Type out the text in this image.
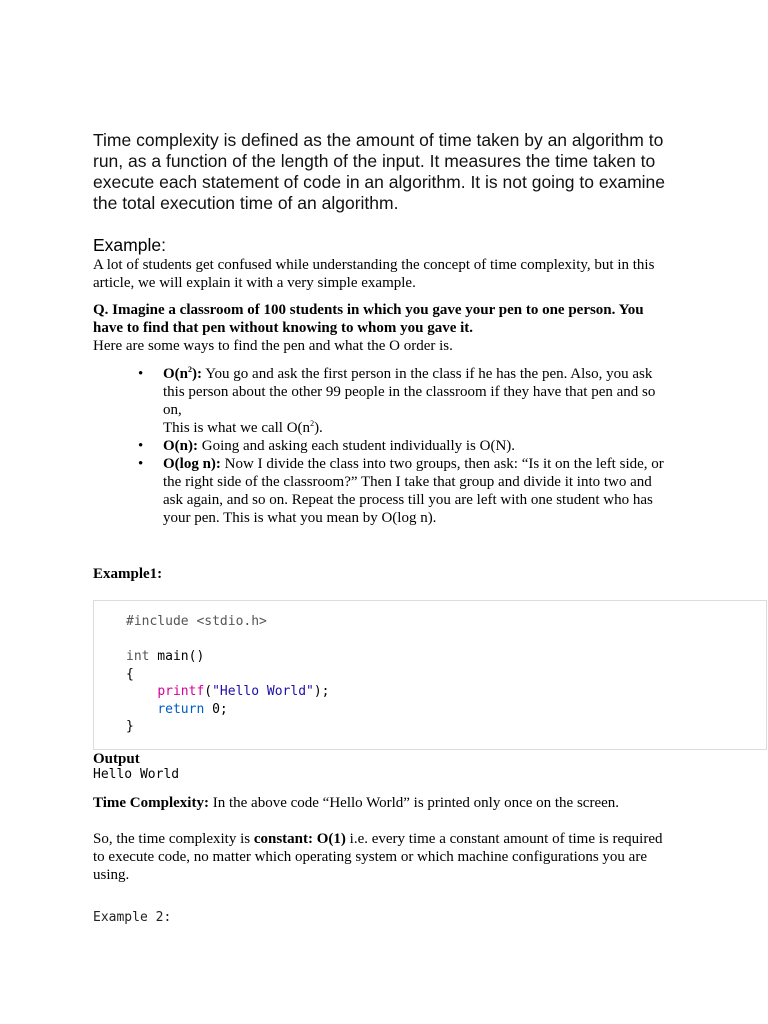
Time complexity is defined as the amount of time taken by an algorithm to run, as a function of the length of the input. It measures the time taken to execute each statement of code in an algorithm. It is not going to examine the total execution time of an algorithm.

Example:

A lot of students get confused while understanding the concept of time complexity, but in this article, we will explain it with a very simple example.

Q. Imagine a classroom of 100 students in which you gave your pen to one person. You have to find that pen without knowing to whom you gave it.
Here are some ways to find the pen and what the O order is.
• $O(n^2)$: You go and ask the first person in the class if he has the pen. Also, you ask this person about the other 99 people in the classroom if they have that pen and so on,
This is what we call $O(n^2)$.
• O(n): Going and asking each student individually is O(N).
• O(log n): Now I divide the class into two groups, then ask: “Is it on the left side, or the right side of the classroom?” Then I take that group and divide it into two and ask again, and so on. Repeat the process till you are left with one student who has your pen. This is what you mean by O(log n).

Example1:

#include <stdio.h>

int main()
{
printf("Hello World");
return 0;
}

Output

Hello World

Time Complexity: In the above code “Hello World” is printed only once on the screen.

So, the time complexity is constant: O(1) i.e. every time a constant amount of time is required to execute code, no matter which operating system or which machine configurations you are using.

Example 2:
